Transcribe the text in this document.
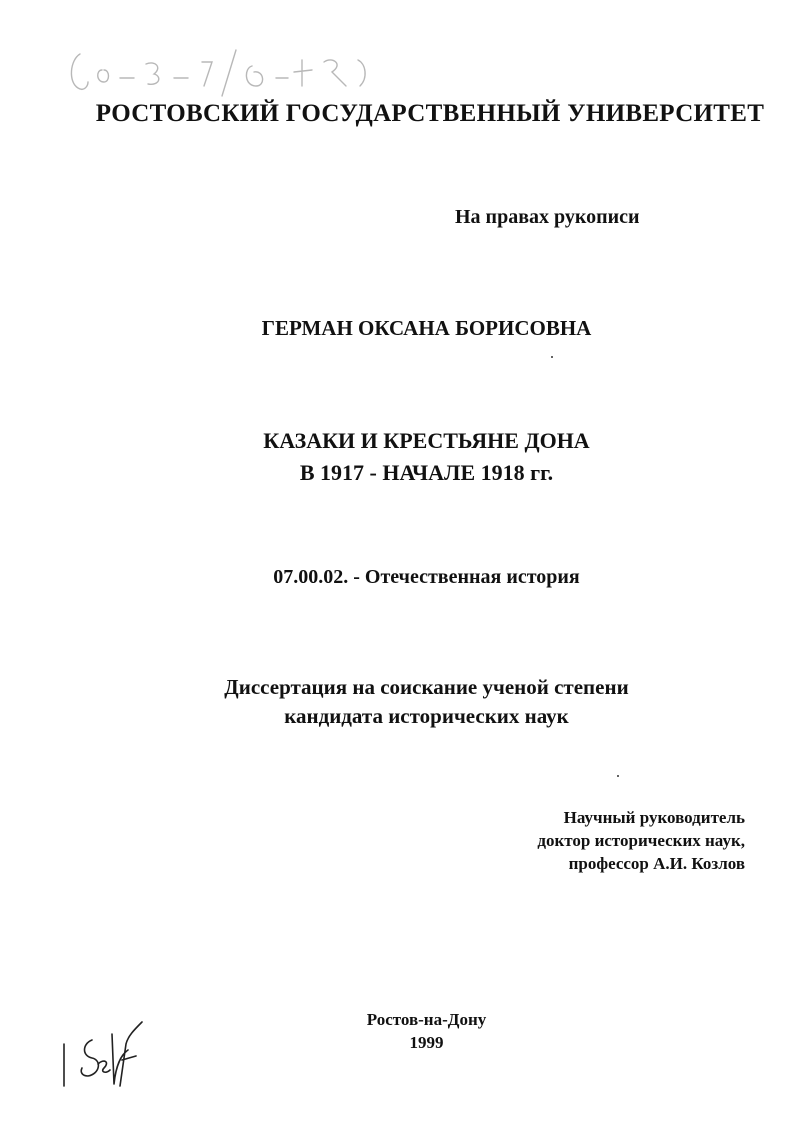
РОСТОВСКИЙ ГОСУДАРСТВЕННЫЙ УНИВЕРСИТЕТ
На правах рукописи
ГЕРМАН ОКСАНА БОРИСОВНА
КАЗАКИ И КРЕСТЬЯНЕ ДОНА
В 1917 - НАЧАЛЕ 1918 гг.
07.00.02. - Отечественная история
Диссертация на соискание ученой степени
кандидата исторических наук
Научный руководитель
доктор исторических наук,
профессор А.И. Козлов
Ростов-на-Дону
1999
